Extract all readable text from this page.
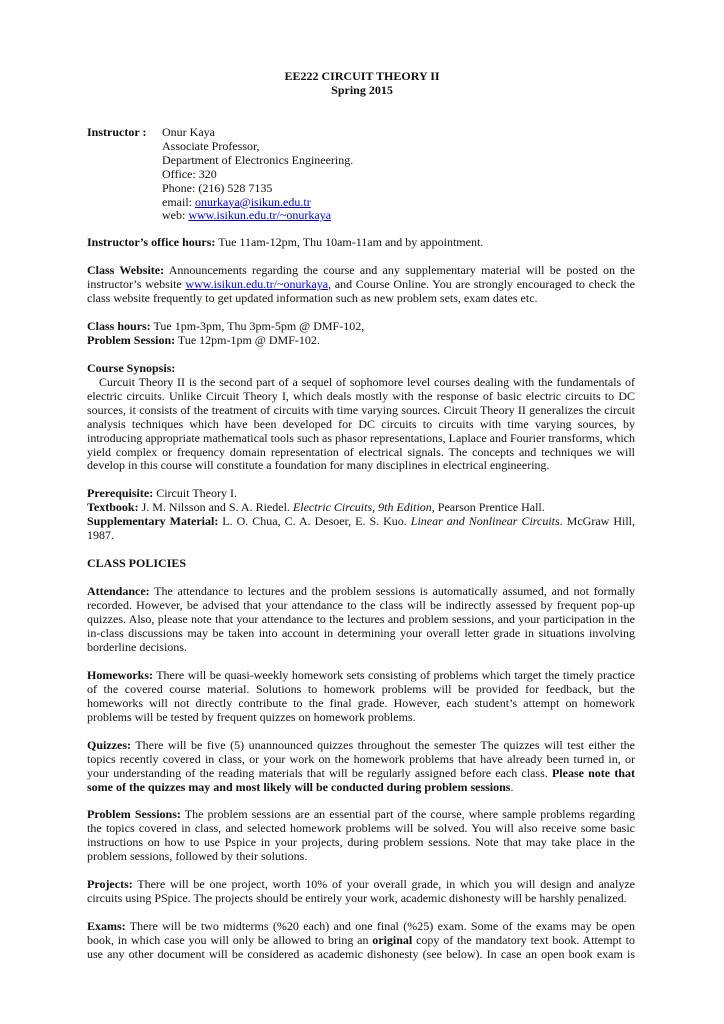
EE222 CIRCUIT THEORY II
Spring 2015
Instructor : Onur Kaya
Associate Professor,
Department of Electronics Engineering.
Office: 320
Phone: (216) 528 7135
email: onurkaya@isikun.edu.tr
web: www.isikun.edu.tr/~onurkaya

Instructor’s office hours: Tue 11am-12pm, Thu 10am-11am and by appointment.

Class Website: Announcements regarding the course and any supplementary material will be posted on the instructor’s website www.isikun.edu.tr/~onurkaya, and Course Online. You are strongly encouraged to check the class website frequently to get updated information such as new problem sets, exam dates etc.

Class hours: Tue 1pm-3pm, Thu 3pm-5pm @ DMF-102,
Problem Session: Tue 12pm-1pm @ DMF-102.
Course Synopsis:

Curcuit Theory II is the second part of a sequel of sophomore level courses dealing with the fundamentals of electric circuits. Unlike Circuit Theory I, which deals mostly with the response of basic electric circuits to DC sources, it consists of the treatment of circuits with time varying sources. Circuit Theory II generalizes the circuit analysis techniques which have been developed for DC circuits to circuits with time varying sources, by introducing appropriate mathematical tools such as phasor representations, Laplace and Fourier transforms, which yield complex or frequency domain representation of electrical signals. The concepts and techniques we will develop in this course will constitute a foundation for many disciplines in electrical engineering.

Prerequisite: Circuit Theory I.
Textbook: J. M. Nilsson and S. A. Riedel. Electric Circuits, 9th Edition, Pearson Prentice Hall.
Supplementary Material: L. O. Chua, C. A. Desoer, E. S. Kuo. Linear and Nonlinear Circuits. McGraw Hill, 1987.
CLASS POLICIES

Attendance: The attendance to lectures and the problem sessions is automatically assumed, and not formally recorded. However, be advised that your attendance to the class will be indirectly assessed by frequent pop-up quizzes. Also, please note that your attendance to the lectures and problem sessions, and your participation in the in-class discussions may be taken into account in determining your overall letter grade in situations involving borderline decisions.

Homeworks: There will be quasi-weekly homework sets consisting of problems which target the timely practice of the covered course material. Solutions to homework problems will be provided for feedback, but the homeworks will not directly contribute to the final grade. However, each student’s attempt on homework problems will be tested by frequent quizzes on homework problems.

Quizzes: There will be five (5) unannounced quizzes throughout the semester The quizzes will test either the topics recently covered in class, or your work on the homework problems that have already been turned in, or your understanding of the reading materials that will be regularly assigned before each class. Please note that some of the quizzes may and most likely will be conducted during problem sessions.

Problem Sessions: The problem sessions are an essential part of the course, where sample problems regarding the topics covered in class, and selected homework problems will be solved. You will also receive some basic instructions on how to use Pspice in your projects, during problem sessions. Note that may take place in the problem sessions, followed by their solutions.

Projects: There will be one project, worth 10% of your overall grade, in which you will design and analyze circuits using PSpice. The projects should be entirely your work, academic dishonesty will be harshly penalized.

Exams: There will be two midterms (%20 each) and one final (%25) exam. Some of the exams may be open book, in which case you will only be allowed to bring an original copy of the mandatory text book. Attempt to use any other document will be considered as academic dishonesty (see below). In case an open book exam is
